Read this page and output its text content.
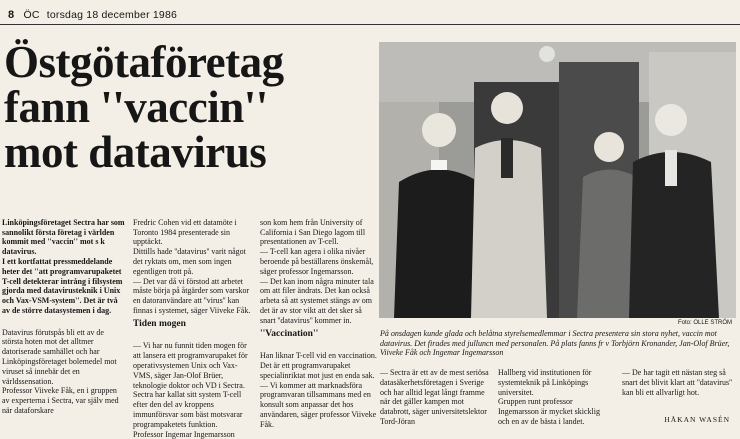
8 ÖC torsdag 18 december 1986
Östgötaföretag
fann ''vaccin''
mot datavirus

Linköpingsföretaget Sectra har som sannolikt första företag i världen kommit med ''vaccin'' mot s k datavirus.
I ett kortfattat pressmeddelande heter det ''att programvarupaketet T-cell detekterar intrång i filsystem gjorda med datavirusteknik i Unix och Vax-VSM-system''. Det är två av de större datasystemen i dag.

Datavirus förutspås bli ett av de största hoten mot det alltmer datoriserade samhället och har Linköpingsföretaget bolemedel mot viruset så innebär det en världssensation.
Professor Viiveke Fåk, en i gruppen av experterna i Sectra, var själv med när dataforskare

Fredric Cohen vid ett datamöte i Toronto 1984 presenterade sin upptäckt.
Dittills hade ''datavirus'' varit något det ryktats om, men som ingen egentligen trott på.
— Det var då vi förstod att arbetet måste börja på åtgärder som varskor en datoranvändare att ''virus'' kan finnas i systemet, säger Viiveke Fåk.

Tiden mogen

— Vi har nu funnit tiden mogen för att lansera ett programvarupaket för operativsystemen Unix och Vax-VMS, säger Jan-Olof Brüer, teknologie doktor och VD i Sectra.
Sectra har kallat sitt system T-cell efter den del av kroppens immunförsvar som bäst motsvarar programpaketets funktion.
Professor Ingemar Ingemarsson

son kom hem från University of California i San Diego lagom till presentationen av T-cell.
— T-cell kan agera i olika nivåer beroende på beställarens önskemål, säger professor Ingemarsson.
— Det kan inom några minuter tala om att filer ändrats. Det kan också arbeta så att systemet stängs av om det är av stor vikt att det sker så snart ''datavirus'' kommer in.

''Vaccination''

Han liknar T-cell vid en vaccination. Det är ett programvarupaket specialinriktat mot just en enda sak.
— Vi kommer att marknadsföra programvaran tillsammans med en konsult som anpassar det hos användaren, säger professor Viiveke Fåk.

Foto: OLLE STRÖM
På onsdagen kunde glada och belåtna styrelsemedlemmar i Sectra presentera sin stora nyhet, vaccin mot datavirus. Det firades med julluncn med personalen. På plats fanns fr v Torbjörn Kronander, Jan-Olof Brüer, Viiveke Fåk och Ingemar Ingemarsson
— Sectra är ett av de mest seriösa datasäkerhetsföretagen i Sverige och har alltid legat långt framme när det gäller kampen mot databrott, säger universitetslektor Tord-Jöran
Hallberg vid institutionen för systemteknik på Linköpings universitet.
Gruppen runt professor Ingemarsson är mycket skicklig och en av de bästa i landet.
— De har tagit ett nästan steg så snart det blivit klart att ''datavirus'' kan bli ett allvarligt hot.
HÅKAN WASÉN
